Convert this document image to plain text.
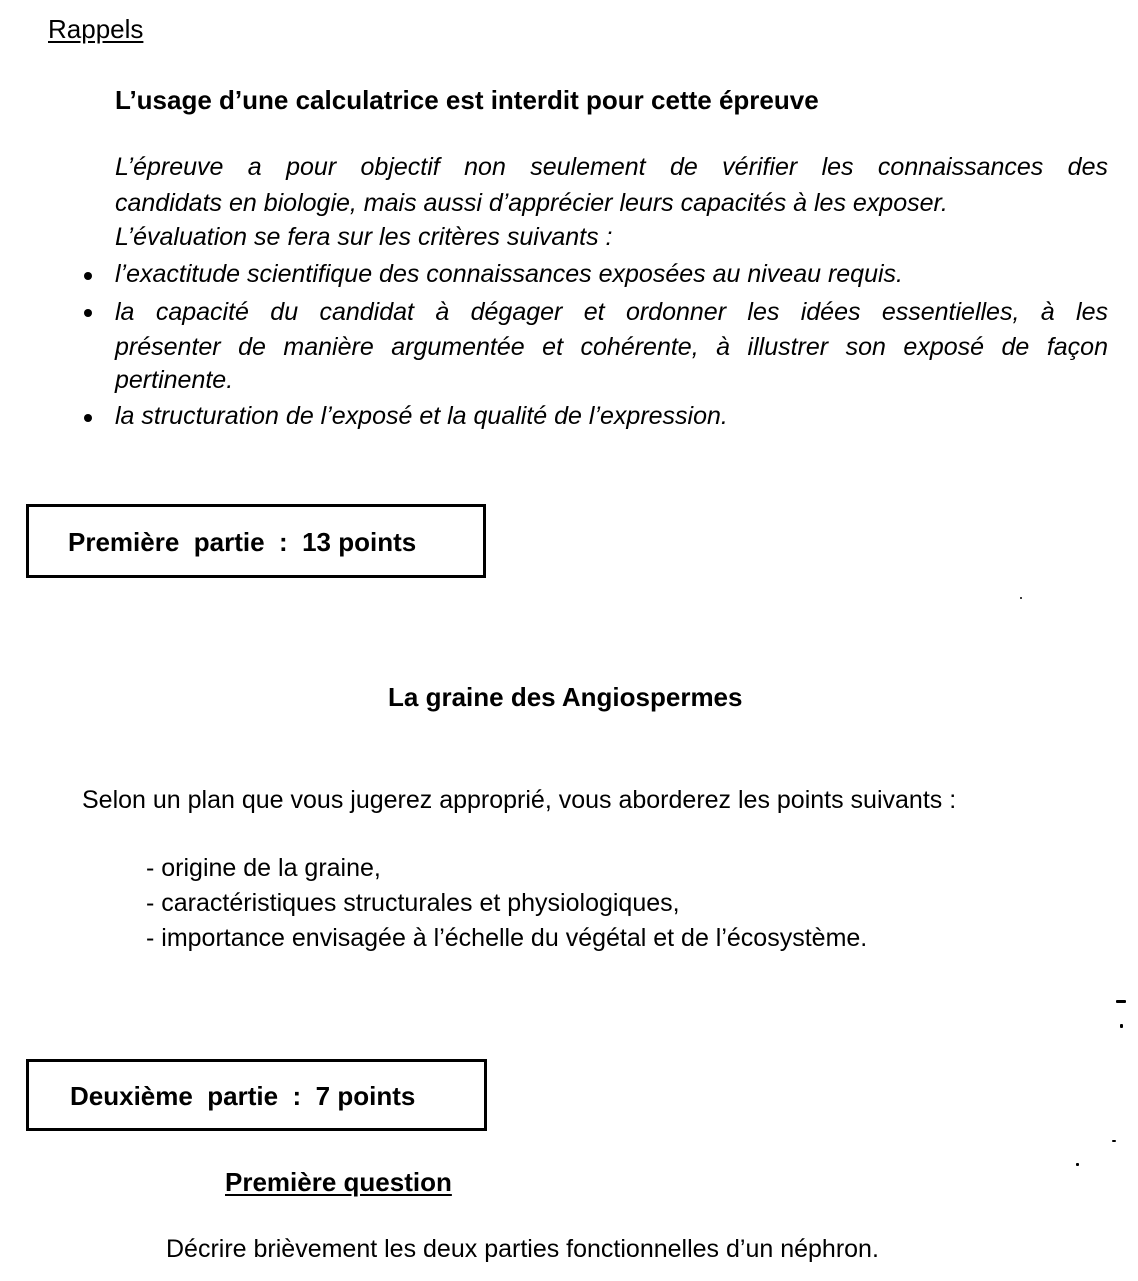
Rappels
L’usage d’une calculatrice est interdit pour cette épreuve
L’épreuve a pour objectif non seulement de vérifier les connaissances des
candidats en biologie, mais aussi d’apprécier leurs capacités à les exposer.
L’évaluation se fera sur les critères suivants :
l’exactitude scientifique des connaissances exposées au niveau requis.
la capacité du candidat à dégager et ordonner les idées essentielles, à les
présenter de manière argumentée et cohérente, à illustrer son exposé de façon
pertinente.
la structuration de l’exposé et la qualité de l’expression.
Première  partie  :  13 points
La graine des Angiospermes
Selon un plan que vous jugerez approprié, vous aborderez les points suivants :
- origine de la graine,
- caractéristiques structurales et physiologiques,
- importance envisagée à l’échelle du végétal et de l’écosystème.
Deuxième  partie  :  7 points
Première question
Décrire brièvement les deux parties fonctionnelles d’un néphron.
